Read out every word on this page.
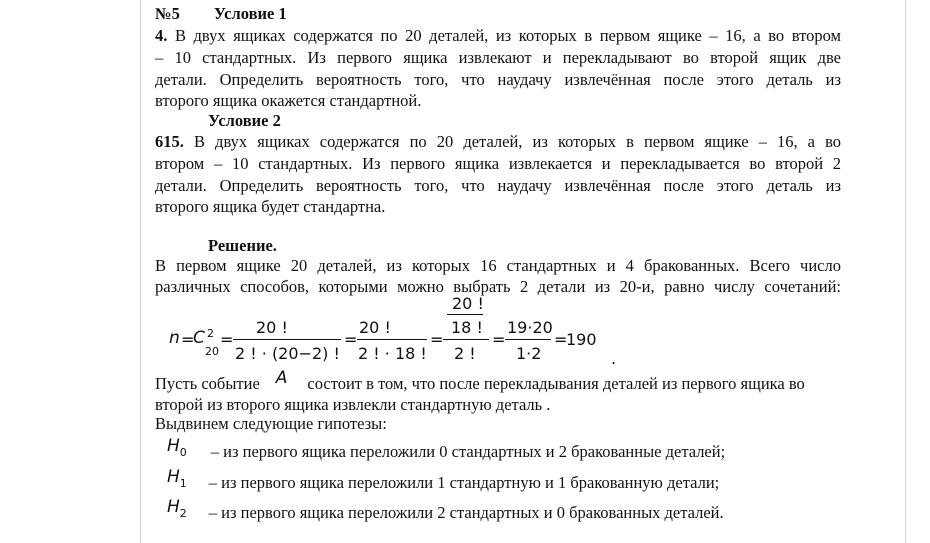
№5 Условие 1
4. В двух ящиках содержатся по 20 деталей, из которых в первом ящике – 16, а во втором
– 10 стандартных. Из первого ящика извлекают и перекладывают во второй ящик две
детали. Определить вероятность того, что наудачу извлечённая после этого деталь из
второго ящика окажется стандартной.
Условие 2
615. В двух ящиках содержатся по 20 деталей, из которых в первом ящике – 16, а во
втором – 10 стандартных. Из первого ящика извлекается и перекладывается во второй 2
детали. Определить вероятность того, что наудачу извлечённая после этого деталь из
второго ящика будет стандартна.
Решение.
В первом ящике 20 деталей, из которых 16 стандартных и 4 бракованных. Всего число
различных способов, которыми можно выбрать 2 детали из 20-и, равно числу сочетаний:
n =
C 2
20
=
20 !
2 ! · (20−2) !
=
20 !
2 ! · 18 !
=
20 !
18 !
2 !
=
19·20
1·2
=
190
.
Пусть событие A состоит в том, что после перекладывания деталей из первого ящика во
второй из второго ящика извлекли стандартную деталь .
Выдвинем следующие гипотезы:
H0 – из первого ящика переложили 0 стандартных и 2 бракованные деталей;
H1 – из первого ящика переложили 1 стандартную и 1 бракованную детали;
H2 – из первого ящика переложили 2 стандартных и 0 бракованных деталей.
